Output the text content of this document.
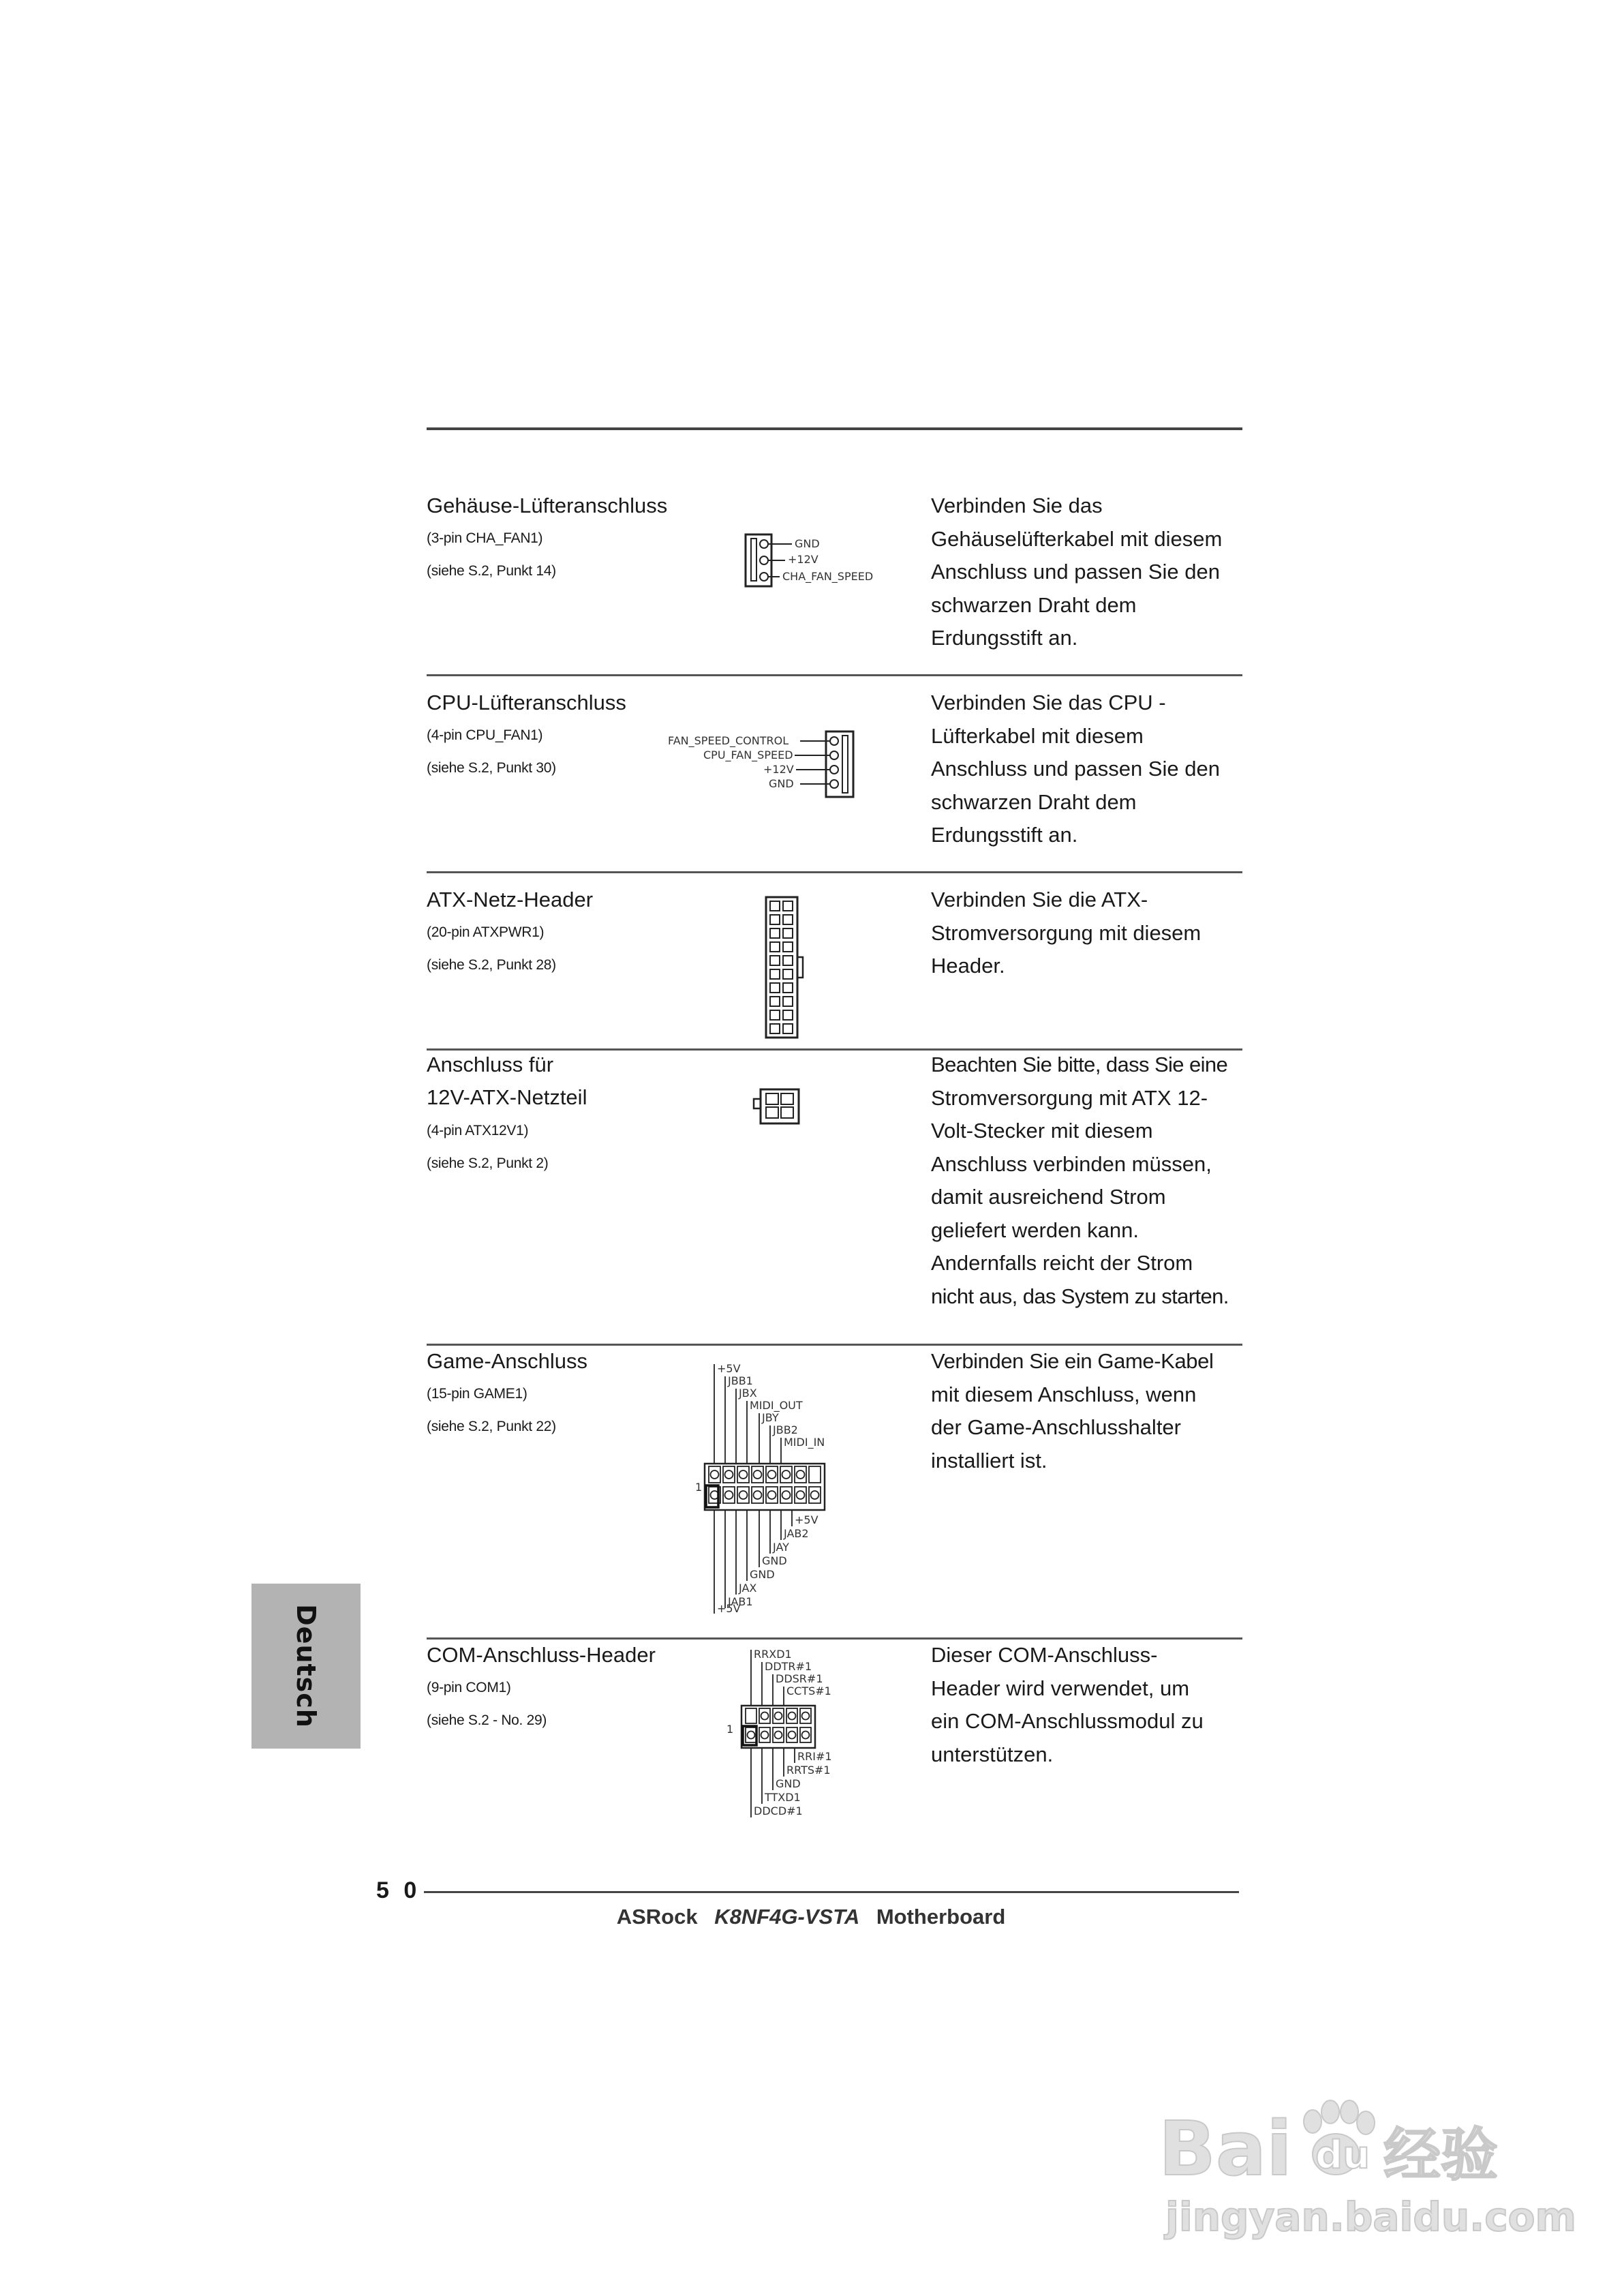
Gehäuse-Lüfteranschluss
(3-pin CHA_FAN1)
(siehe S.2, Punkt 14)
Verbinden Sie das
Gehäuselüfterkabel mit diesem
Anschluss und passen Sie den
schwarzen Draht dem
Erdungsstift an.
GND
+12V
CHA_FAN_SPEED
CPU-Lüfteranschluss
(4-pin CPU_FAN1)
(siehe S.2, Punkt 30)
Verbinden Sie das CPU -
Lüfterkabel mit diesem
Anschluss und passen Sie den
schwarzen Draht dem
Erdungsstift an.
FAN_SPEED_CONTROL
CPU_FAN_SPEED
+12V
GND
ATX-Netz-Header
(20-pin ATXPWR1)
(siehe S.2, Punkt 28)
Verbinden Sie die ATX-
Stromversorgung mit diesem
Header.
Anschluss für
12V-ATX-Netzteil
(4-pin ATX12V1)
(siehe S.2, Punkt 2)
Beachten Sie bitte, dass Sie eine
Stromversorgung mit ATX 12-
Volt-Stecker mit diesem
Anschluss verbinden müssen,
damit ausreichend Strom
geliefert werden kann.
Andernfalls reicht der Strom
nicht aus, das System zu starten.
Game-Anschluss
(15-pin GAME1)
(siehe S.2, Punkt 22)
Verbinden Sie ein Game-Kabel
mit diesem Anschluss, wenn
der Game-Anschlusshalter
installiert ist.
+5V
JBB1
JBX
MIDI_OUT
JBY
JBB2
MIDI_IN
1
+5V
JAB2
JAY
GND
GND
JAX
JAB1
+5V
COM-Anschluss-Header
(9-pin COM1)
(siehe S.2 - No. 29)
Dieser COM-Anschluss-
Header wird verwendet, um
ein COM-Anschlussmodul zu
unterstützen.
RRXD1
DDTR#1
DDSR#1
CCTS#1
1
RRI#1
RRTS#1
GND
TTXD1
DDCD#1
Deutsch
5 0
ASRock K8NF4G-VSTA Motherboard
Bai du 经验
jingyan.baidu.com
